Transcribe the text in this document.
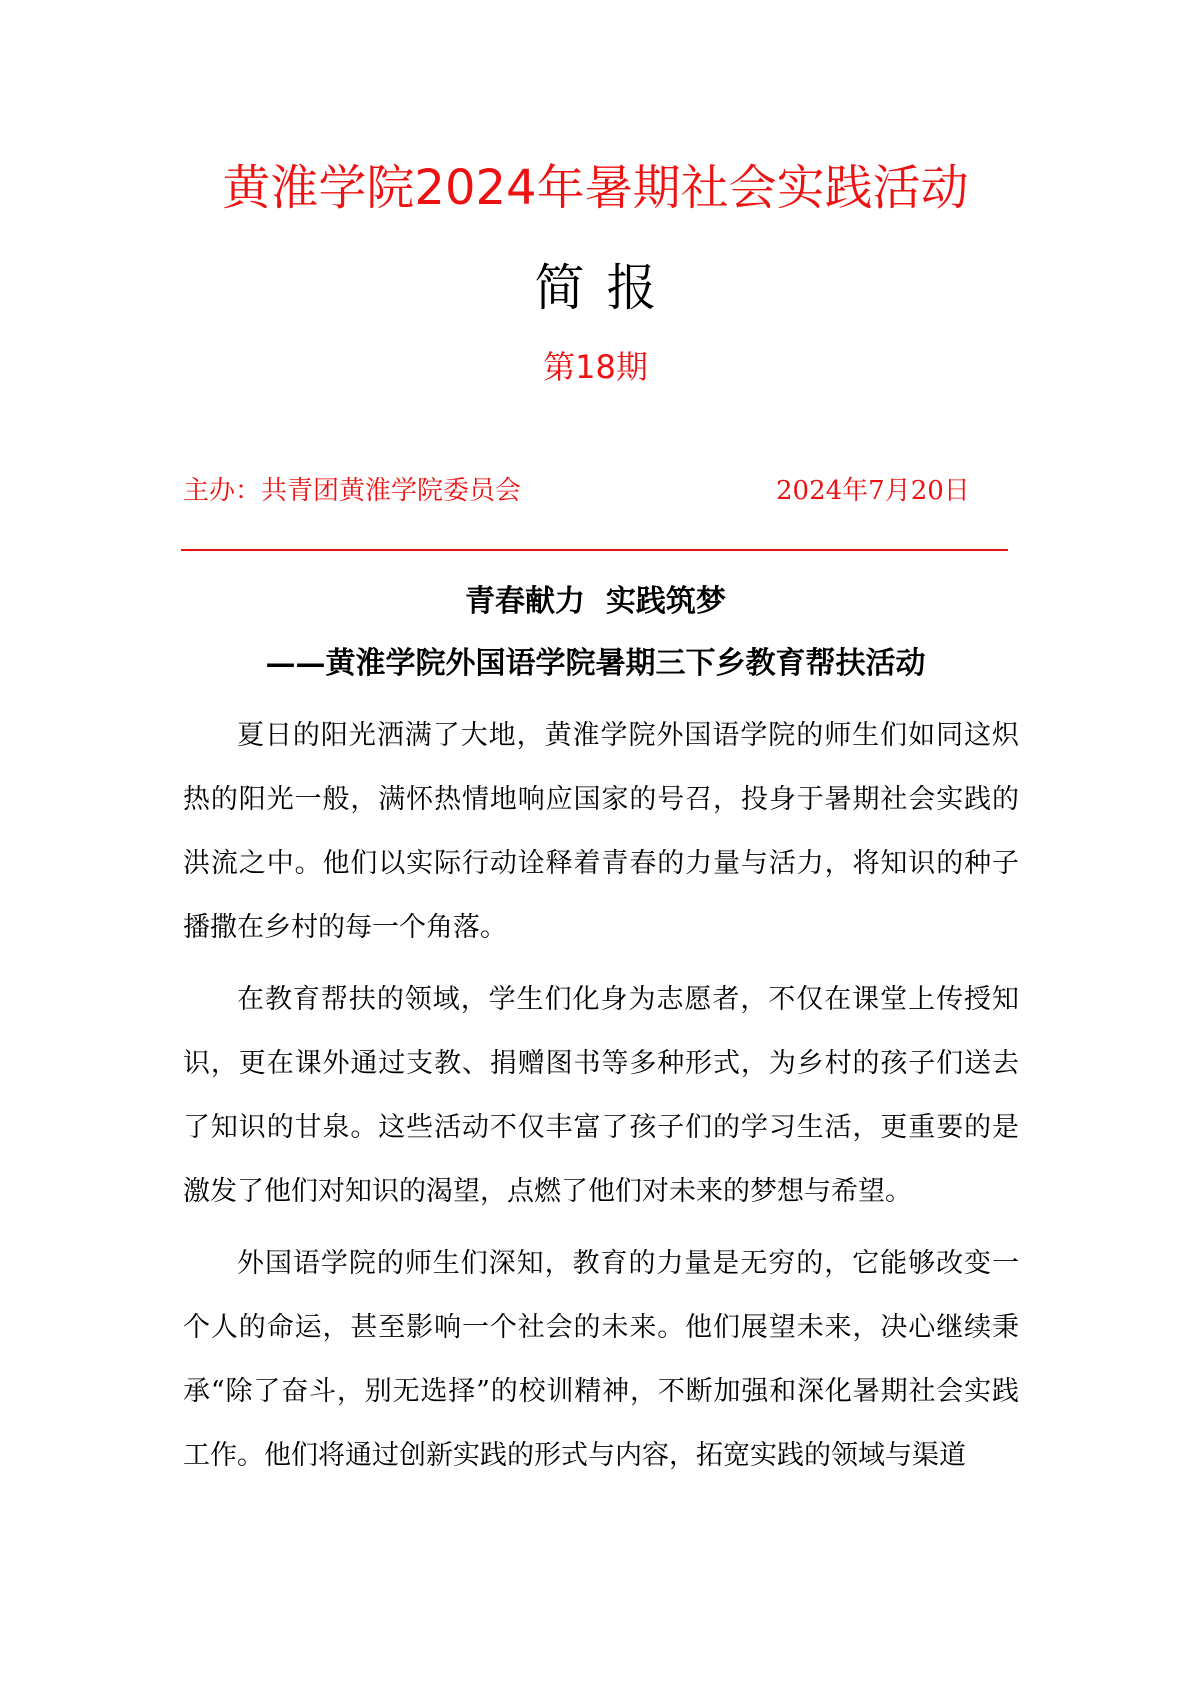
黄淮学院2024年暑期社会实践活动
简报
第18期
主办：共青团黄淮学院委员会	2024年7月20日
青春献力  实践筑梦
——黄淮学院外国语学院暑期三下乡教育帮扶活动

夏日的阳光洒满了大地，黄淮学院外国语学院的师生们如同这炽热的阳光一般，满怀热情地响应国家的号召，投身于暑期社会实践的洪流之中。他们以实际行动诠释着青春的力量与活力，将知识的种子播撒在乡村的每一个角落。

在教育帮扶的领域，学生们化身为志愿者，不仅在课堂上传授知识，更在课外通过支教、捐赠图书等多种形式，为乡村的孩子们送去了知识的甘泉。这些活动不仅丰富了孩子们的学习生活，更重要的是激发了他们对知识的渴望，点燃了他们对未来的梦想与希望。

外国语学院的师生们深知，教育的力量是无穷的，它能够改变一个人的命运，甚至影响一个社会的未来。他们展望未来，决心继续秉承“除了奋斗，别无选择”的校训精神，不断加强和深化暑期社会实践工作。他们将通过创新实践的形式与内容，拓宽实践的领域与渠道
